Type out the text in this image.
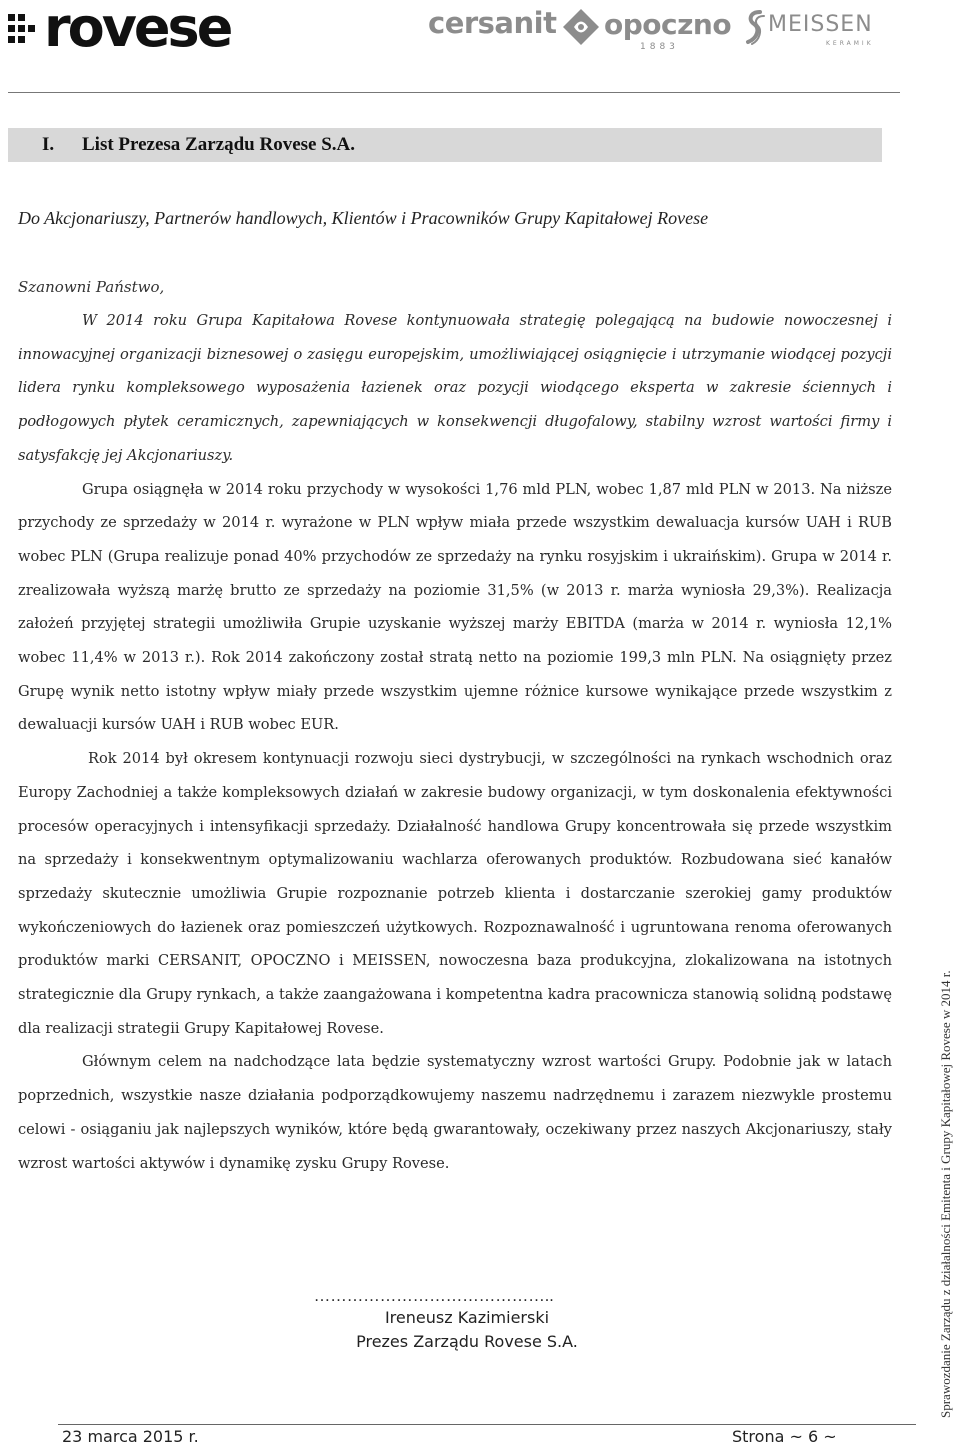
rovese	cersanit opoczno
1883
MEISSEN
KERAMIK
I. List Prezesa Zarządu Rovese S.A.
Do Akcjonariuszy, Partnerów handlowych, Klientów i Pracowników Grupy Kapitałowej Rovese
Szanowni Państwo,

W 2014 roku Grupa Kapitałowa Rovese kontynuowała strategię polegającą na budowie nowoczesnej i innowacyjnej organizacji biznesowej o zasięgu europejskim, umożliwiającej osiągnięcie i utrzymanie wiodącej pozycji lidera rynku kompleksowego wyposażenia łazienek oraz pozycji wiodącego eksperta w zakresie ściennych i podłogowych płytek ceramicznych, zapewniających w konsekwencji długofalowy, stabilny wzrost wartości firmy i satysfakcję jej Akcjonariuszy.

Grupa osiągnęła w 2014 roku przychody w wysokości 1,76 mld PLN, wobec 1,87 mld PLN w 2013. Na niższe przychody ze sprzedaży w 2014 r. wyrażone w PLN wpływ miała przede wszystkim dewaluacja kursów UAH i RUB wobec PLN (Grupa realizuje ponad 40% przychodów ze sprzedaży na rynku rosyjskim i ukraińskim). Grupa w 2014 r. zrealizowała wyższą marżę brutto ze sprzedaży na poziomie 31,5% (w 2013 r. marża wyniosła 29,3%). Realizacja założeń przyjętej strategii umożliwiła Grupie uzyskanie wyższej marży EBITDA (marża w 2014 r. wyniosła 12,1% wobec 11,4% w 2013 r.). Rok 2014 zakończony został stratą netto na poziomie 199,3 mln PLN. Na osiągnięty przez Grupę wynik netto istotny wpływ miały przede wszystkim ujemne różnice kursowe wynikające przede wszystkim z dewaluacji kursów UAH i RUB wobec EUR.

Rok 2014 był okresem kontynuacji rozwoju sieci dystrybucji, w szczególności na rynkach wschodnich oraz Europy Zachodniej a także kompleksowych działań w zakresie budowy organizacji, w tym doskonalenia efektywności procesów operacyjnych i intensyfikacji sprzedaży. Działalność handlowa Grupy koncentrowała się przede wszystkim na sprzedaży i konsekwentnym optymalizowaniu wachlarza oferowanych produktów. Rozbudowana sieć kanałów sprzedaży skutecznie umożliwia Grupie rozpoznanie potrzeb klienta i dostarczanie szerokiej gamy produktów wykończeniowych do łazienek oraz pomieszczeń użytkowych. Rozpoznawalność i ugruntowana renoma oferowanych produktów marki CERSANIT, OPOCZNO i MEISSEN, nowoczesna baza produkcyjna, zlokalizowana na istotnych strategicznie dla Grupy rynkach, a także zaangażowana i kompetentna kadra pracownicza stanowią solidną podstawę dla realizacji strategii Grupy Kapitałowej Rovese.

Głównym celem na nadchodzące lata będzie systematyczny wzrost wartości Grupy. Podobnie jak w latach poprzednich, wszystkie nasze działania podporządkowujemy naszemu nadrzędnemu i zarazem niezwykle prostemu celowi - osiąganiu jak najlepszych wyników, które będą gwarantowały, oczekiwany przez naszych Akcjonariuszy, stały wzrost wartości aktywów i dynamikę zysku Grupy Rovese.

……………………………………..
Ireneusz Kazimierski
Prezes Zarządu Rovese S.A.
23 marca 2015 r.	Strona ~ 6 ~
Sprawozdanie Zarządu z działalności Emitenta i Grupy Kapitałowej Rovese w 2014 r.
